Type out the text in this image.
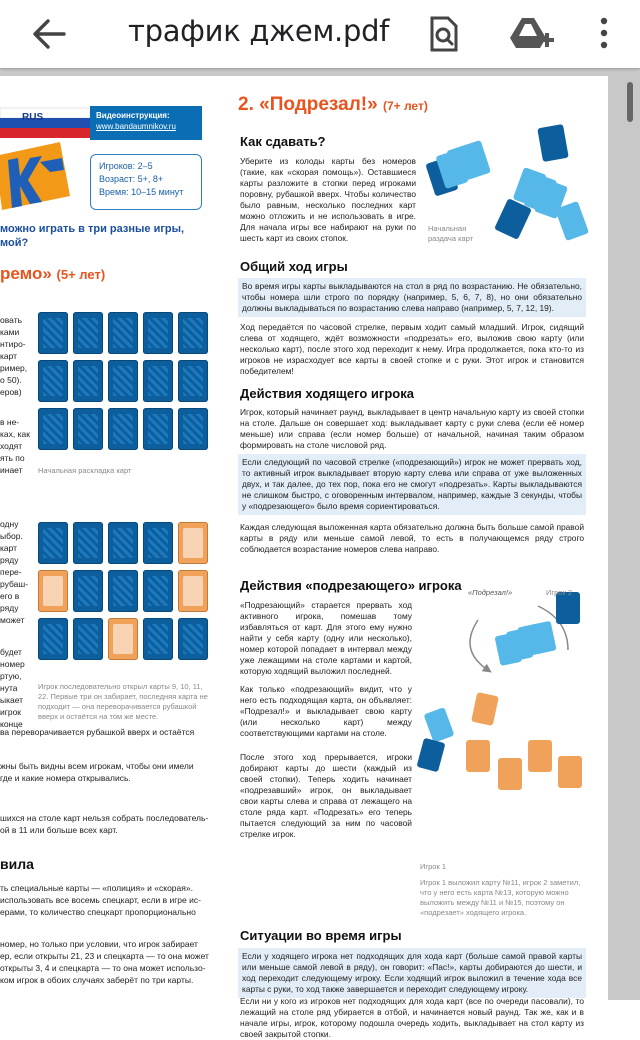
трафик джем.pdf
RUS	Видеоинструкция:
www.bandaumnikov.ru
Игроков: 2–5
Возраст: 5+, 8+
Время: 10–15 минут
можно играть в три разные игры, мой?
ремо» (5+ лет)
овать
ками
нтиро-
карт
ример,
о 50).
еров)
в не-
ках, как
ходят
ять по
инает	Начальная раскладка карт
одну
ыбор.
карт
ряду
пере-
рубаш-
его в
ряду
может
будет
номер
ртую,
нута
ыкает
игрок
конце
Игрок последовательно открыл карты 9, 10, 11, 22. Первые три он забирает, последняя карта не подходит — она переворачивается рубашкой вверх и остаётся на том же месте.
ва переворачивается рубашкой вверх и остаётся
жны быть видны всем игрокам, чтобы они имели
где и какие номера открывались.
шихся на столе карт нельзя собрать последователь-
ой в 11 или больше всех карт.
вила
ть специальные карты — «полиция» и «скорая».
использовать все восемь спецкарт, если в игре ис-
ерами, то количество спецкарт пропорционально
номер, но только при условии, что игрок забирает
ер, если открыты 21, 23 и спецкарта — то она может
открыты 3, 4 и спецкарта — то она может использо-
ком игрок в обоих случаях заберёт по три карты.
2. «Подрезал!» (7+ лет)
Как сдавать?

Уберите из колоды карты без номеров (такие, как «скорая помощь»). Оставшиеся карты разложите в стопки перед игроками поровну, рубашкой вверх. Чтобы количество было равным, несколько последних карт можно отложить и не использовать в игре. Для начала игры все набирают на руки по шесть карт из своих стопок.

Начальная раздача карт
Общий ход игры

Во время игры карты выкладываются на стол в ряд по возрастанию. Не обязательно, чтобы номера шли строго по порядку (например, 5, 6, 7, 8), но они обязательно должны выкладываться по возрастанию слева направо (например, 5, 7, 12, 19).

Ход передаётся по часовой стрелке, первым ходит самый младший. Игрок, сидящий слева от ходящего, ждёт возможности «подрезать» его, выложив свою карту (или несколько карт), после этого ход переходит к нему. Игра продолжается, пока кто-то из игроков не израсходует все карты в своей стопке и с руки. Этот игрок и становится победителем!

Действия ходящего игрока

Игрок, который начинает раунд, выкладывает в центр начальную карту из своей стопки на столе. Дальше он совершает ход: выкладывает карту с руки слева (если её номер меньше) или справа (если номер больше) от начальной, начиная таким образом формировать на столе числовой ряд.

Если следующий по часовой стрелке («подрезающий») игрок не может прервать ход, то активный игрок выкладывает вторую карту слева или справа от уже выложенных двух, и так далее, до тех пор, пока его не смогут «подрезать». Карты выкладываются не слишком быстро, с оговоренным интервалом, например, каждые 3 секунды, чтобы у «подрезающего» было время сориентироваться.

Каждая следующая выложенная карта обязательно должна быть больше самой правой карты в ряду или меньше самой левой, то есть в получающемся ряду строго соблюдается возрастание номеров слева направо.

Действия «подрезающего» игрока

«Подрезающий» старается прервать ход активного игрока, помешав тому избавляться от карт. Для этого ему нужно найти у себя карту (одну или несколько), номер которой попадает в интервал между уже лежащими на столе картами и картой, которую ходящий выложил последней.

Как только «подрезающий» видит, что у него есть подходящая карта, он объявляет: «Подрезал!» и выкладывает свою карту (или несколько карт) между соответствующими картами на столе.

После этого ход прерывается, игроки добирают карты до шести (каждый из своей стопки). Теперь ходить начинает «подрезавший» игрок, он выкладывает свои карты слева и справа от лежащего на столе ряда карт. «Подрезать» его теперь пытается следующий за ним по часовой стрелке игрок.

«Подрезал!»	Игрок 2
Игрок 1
Игрок 1 выложил карту №11, игрок 2 заметил, что у него есть карта №13, которую можно выложить между №11 и №15, поэтому он «подрезает» ходящего игрока.
Ситуации во время игры

Если у ходящего игрока нет подходящих для хода карт (больше самой правой карты или меньше самой левой в ряду), он говорит: «Пас!», карты добираются до шести, и ход переходит следующему игроку. Если ходящий игрок выложил в течение хода все карты с руки, то ход также завершается и переходит следующему игроку.

Если ни у кого из игроков нет подходящих для хода карт (все по очереди пасовали), то лежащий на столе ряд убирается в отбой, и начинается новый раунд. Так же, как и в начале игры, игрок, которому подошла очередь ходить, выкладывает на стол карту из своей закрытой стопки.
